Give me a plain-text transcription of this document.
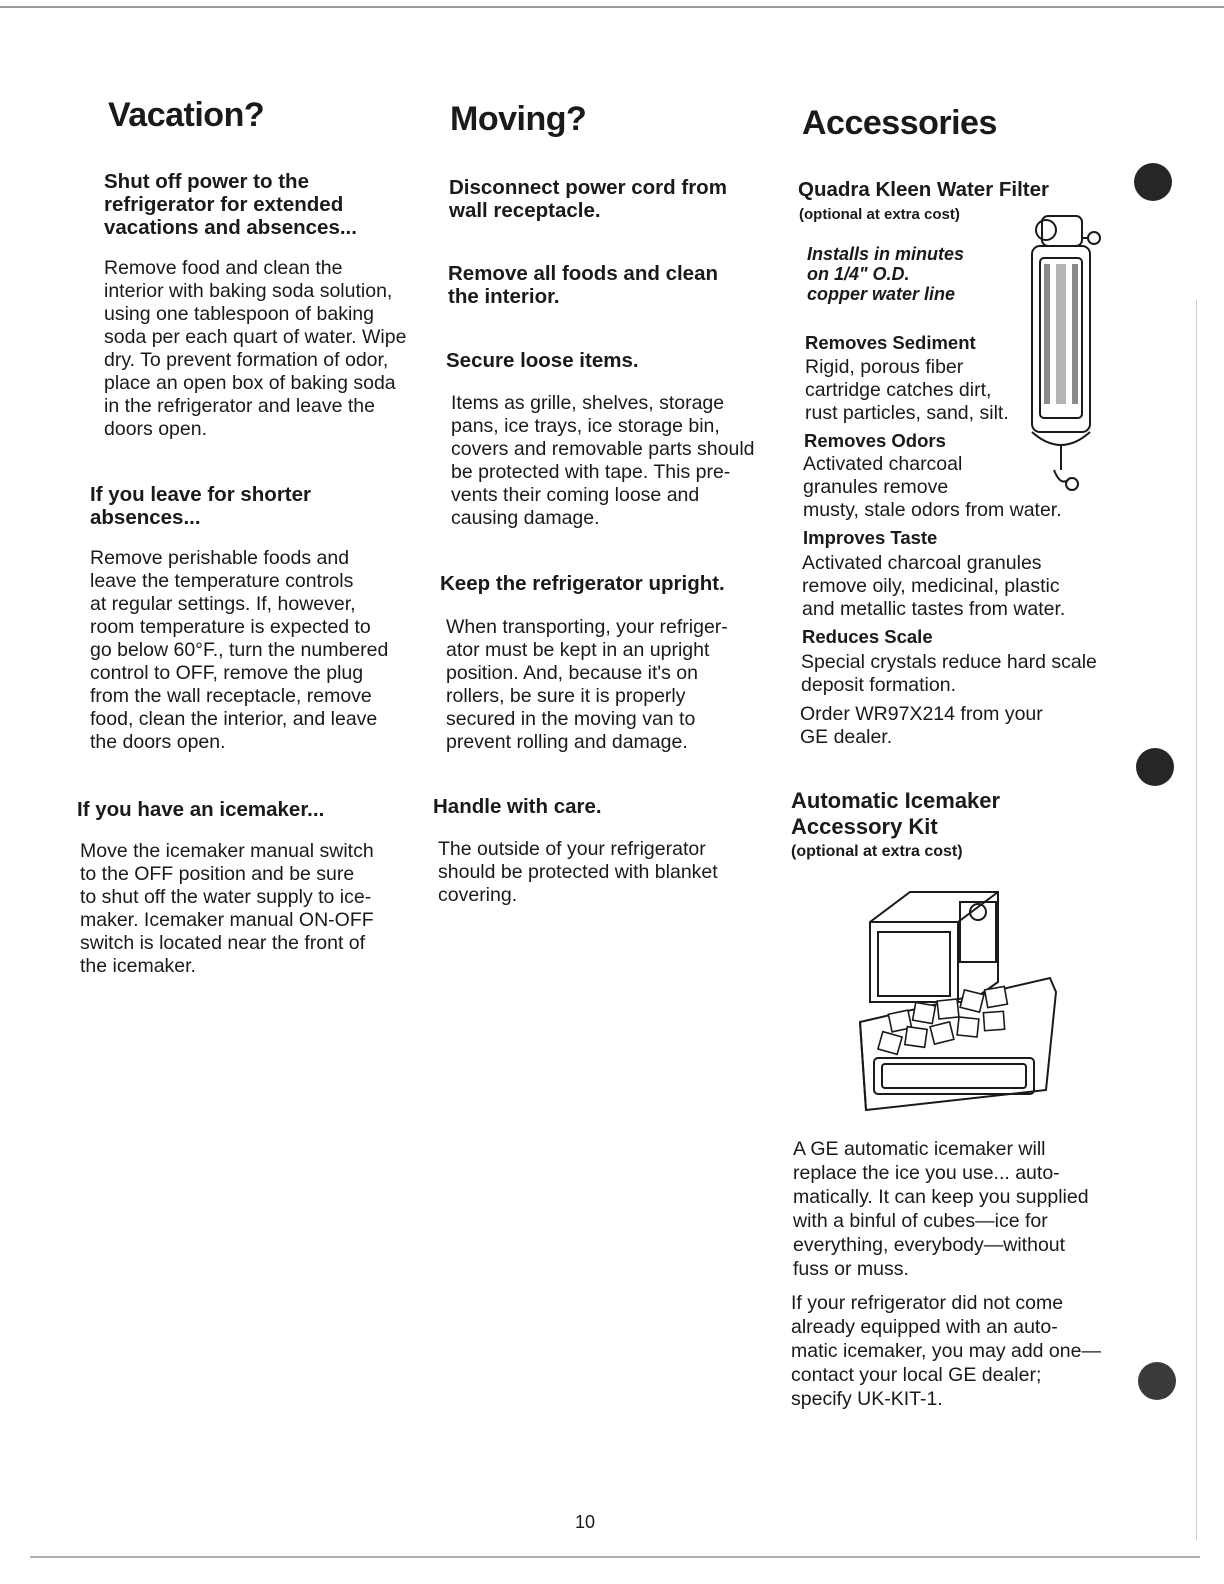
Vacation?
Shut off power to the
refrigerator for extended
vacations and absences...
Remove food and clean the
interior with baking soda solution,
using one tablespoon of baking
soda per each quart of water. Wipe
dry. To prevent formation of odor,
place an open box of baking soda
in the refrigerator and leave the
doors open.
If you leave for shorter
absences...
Remove perishable foods and
leave the temperature controls
at regular settings. If, however,
room temperature is expected to
go below 60°F., turn the numbered
control to OFF, remove the plug
from the wall receptacle, remove
food, clean the interior, and leave
the doors open.
If you have an icemaker...
Move the icemaker manual switch
to the OFF position and be sure
to shut off the water supply to ice-
maker. Icemaker manual ON-OFF
switch is located near the front of
the icemaker.
Moving?
Disconnect power cord from
wall receptacle.
Remove all foods and clean
the interior.
Secure loose items.
Items as grille, shelves, storage
pans, ice trays, ice storage bin,
covers and removable parts should
be protected with tape. This pre-
vents their coming loose and
causing damage.
Keep the refrigerator upright.
When transporting, your refriger-
ator must be kept in an upright
position. And, because it's on
rollers, be sure it is properly
secured in the moving van to
prevent rolling and damage.
Handle with care.
The outside of your refrigerator
should be protected with blanket
covering.
Accessories
Quadra Kleen Water Filter
(optional at extra cost)
Installs in minutes
on 1/4" O.D.
copper water line
Removes Sediment
Rigid, porous fiber
cartridge catches dirt,
rust particles, sand, silt.
Removes Odors
Activated charcoal
granules remove
musty, stale odors from water.
Improves Taste
Activated charcoal granules
remove oily, medicinal, plastic
and metallic tastes from water.
Reduces Scale
Special crystals reduce hard scale
deposit formation.
Order WR97X214 from your
GE dealer.
Automatic Icemaker
Accessory Kit
(optional at extra cost)
A GE automatic icemaker will
replace the ice you use... auto-
matically. It can keep you supplied
with a binful of cubes—ice for
everything, everybody—without
fuss or muss.
If your refrigerator did not come
already equipped with an auto-
matic icemaker, you may add one—
contact your local GE dealer;
specify UK-KIT-1.
10
